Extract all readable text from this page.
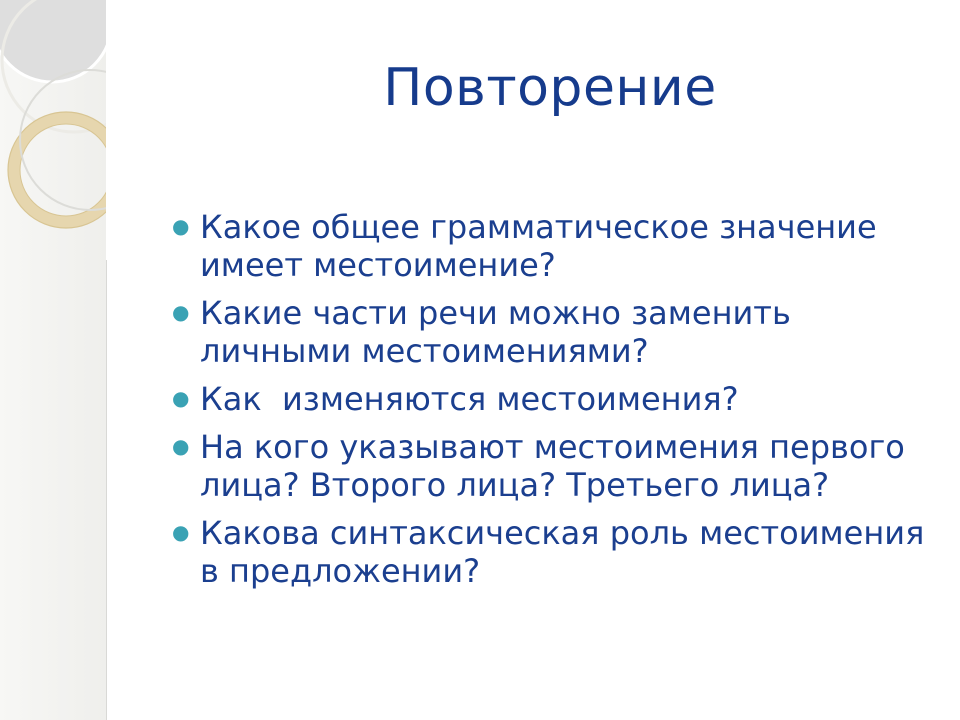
Повторение
● Какое общее грамматическое значение имеет местоимение?
● Какие части речи можно заменить личными местоимениями?
● Как  изменяются местоимения?
● На кого указывают местоимения первого лица? Второго лица? Третьего лица?
● Какова синтаксическая роль местоимения в предложении?
